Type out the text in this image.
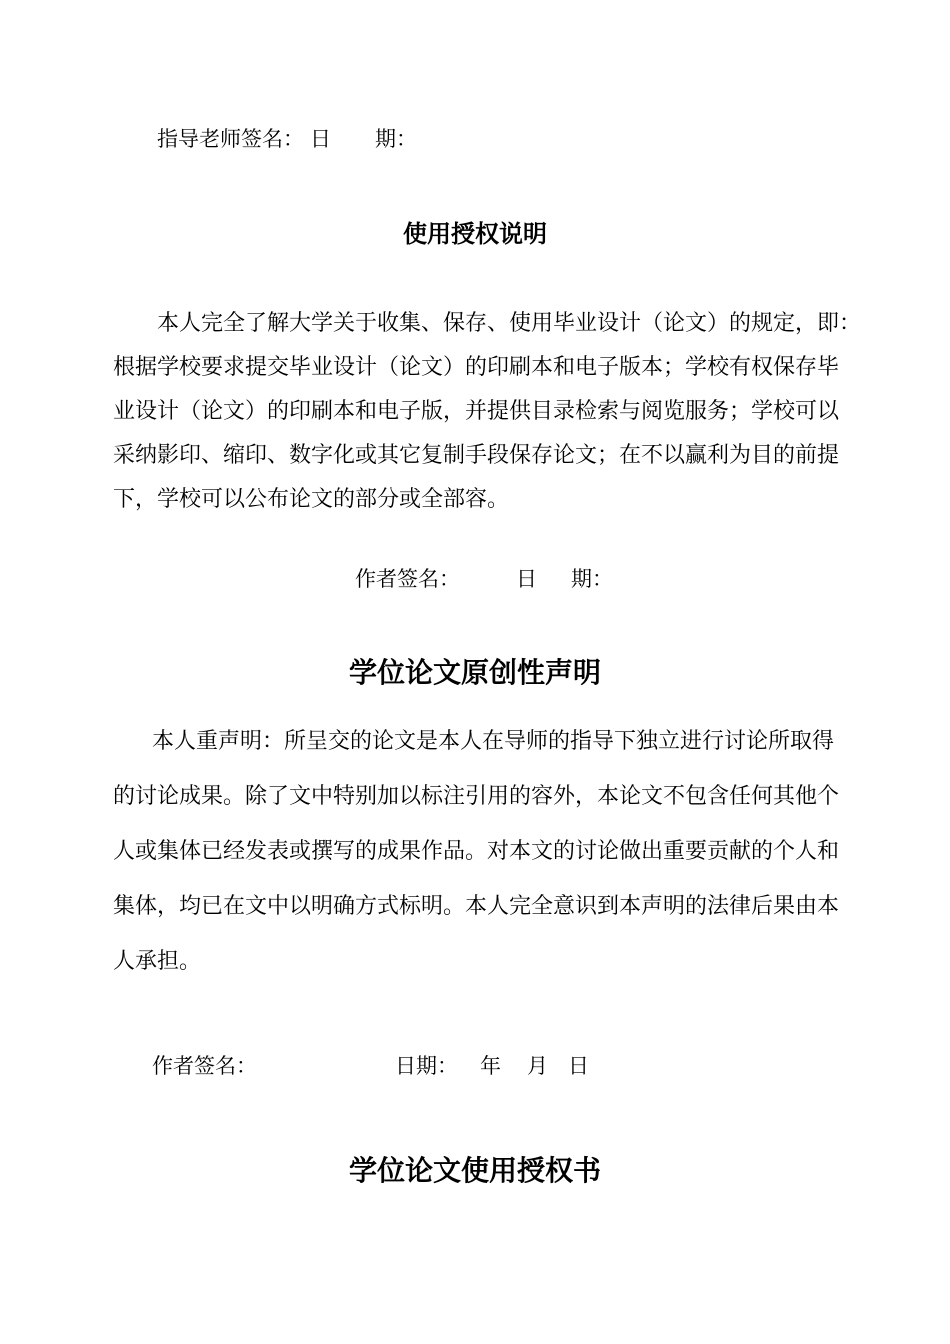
指导老师签名： 日 期：
使用授权说明
本人完全了解大学关于收集、保存、使用毕业设计（论文）的规定，即：
根据学校要求提交毕业设计（论文）的印刷本和电子版本；学校有权保存毕
业设计（论文）的印刷本和电子版，并提供目录检索与阅览服务；学校可以
采纳影印、缩印、数字化或其它复制手段保存论文；在不以赢利为目的前提
下，学校可以公布论文的部分或全部容。
作者签名：	日 期：
学位论文原创性声明
本人重声明：所呈交的论文是本人在导师的指导下独立进行讨论所取得
的讨论成果。除了文中特别加以标注引用的容外，本论文不包含任何其他个
人或集体已经发表或撰写的成果作品。对本文的讨论做出重要贡献的个人和
集体，均已在文中以明确方式标明。本人完全意识到本声明的法律后果由本
人承担。
作者签名：	日期： 年 月 日
学位论文使用授权书
